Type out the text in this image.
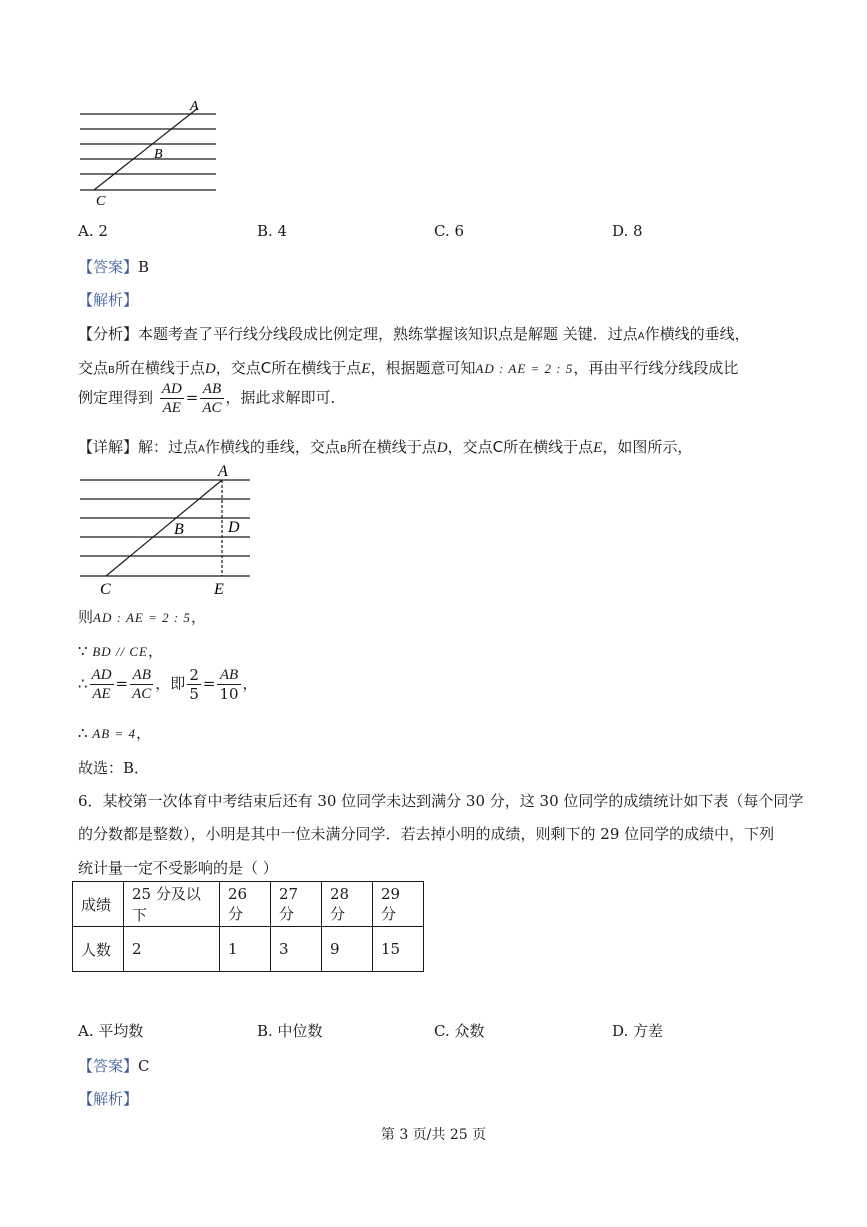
A
B
C
A. 2	B. 4	C. 6	D. 8
【答案】B
【解析】
【分析】本题考查了平行线分线段成比例定理，熟练掌握该知识点是解题 关键．过点A作横线的垂线，
交点B所在横线于点D，交点C所在横线于点E，根据题意可知AD : AE = 2 : 5，再由平行线分线段成比
例定理得到 $\frac{AD}{AE} = \frac{AB}{AC}$ ，据此求解即可．
【详解】解：过点A作横线的垂线，交点B所在横线于点D，交点C所在横线于点E，如图所示，
A
B	D
C	E
则AD : AE = 2 : 5，
∵ BD // CE，
∴ $\frac{AD}{AE} = \frac{AB}{AC}$ ，即 $\frac{2}{5} = \frac{AB}{10}$ ，
∴ AB = 4，
故选：B．
6．某校第一次体育中考结束后还有 30 位同学未达到满分 30 分，这 30 位同学的成绩统计如下表（每个同学
的分数都是整数），小明是其中一位未满分同学．若去掉小明的成绩，则剩下的 29 位同学的成绩中，下列
统计量一定不受影响的是（ ）
成绩	25 分及以下	26 分	27 分	28 分	29 分
人数	2	1	3	9	15
A. 平均数	B. 中位数	C. 众数	D. 方差
【答案】C
【解析】
第 3 页/共 25 页
